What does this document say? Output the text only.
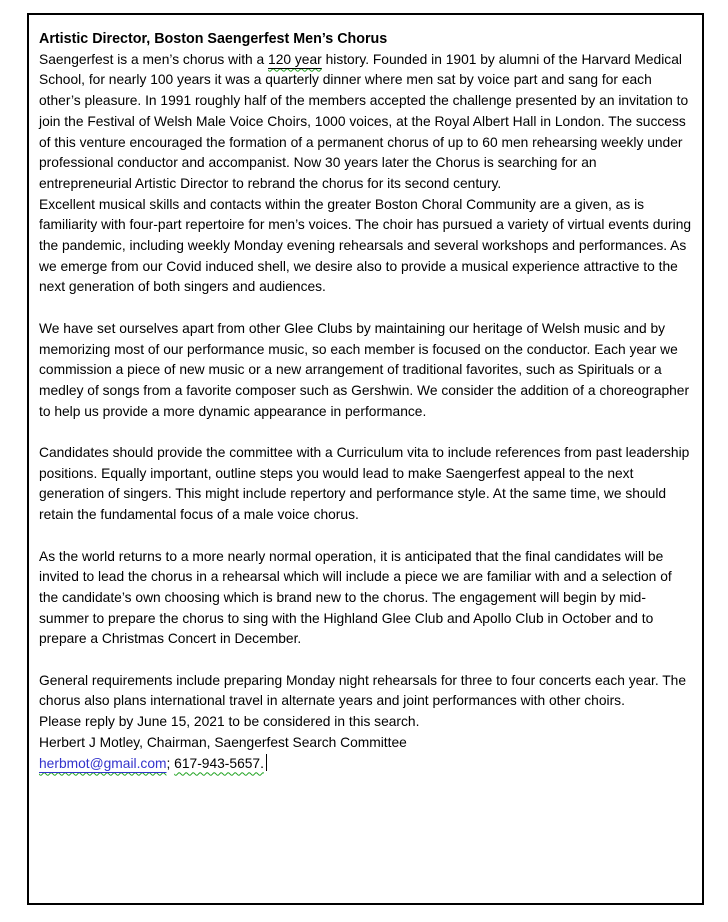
Artistic Director, Boston Saengerfest Men’s Chorus

Saengerfest is a men’s chorus with a 120 year history. Founded in 1901 by alumni of the Harvard Medical School, for nearly 100 years it was a quarterly dinner where men sat by voice part and sang for each other’s pleasure. In 1991 roughly half of the members accepted the challenge presented by an invitation to join the Festival of Welsh Male Voice Choirs, 1000 voices, at the Royal Albert Hall in London. The success of this venture encouraged the formation of a permanent chorus of up to 60 men rehearsing weekly under professional conductor and accompanist. Now 30 years later the Chorus is searching for an entrepreneurial Artistic Director to rebrand the chorus for its second century.

Excellent musical skills and contacts within the greater Boston Choral Community are a given, as is familiarity with four-part repertoire for men’s voices. The choir has pursued a variety of virtual events during the pandemic, including weekly Monday evening rehearsals and several workshops and performances. As we emerge from our Covid induced shell, we desire also to provide a musical experience attractive to the next generation of both singers and audiences.

We have set ourselves apart from other Glee Clubs by maintaining our heritage of Welsh music and by memorizing most of our performance music, so each member is focused on the conductor. Each year we commission a piece of new music or a new arrangement of traditional favorites, such as Spirituals or a medley of songs from a favorite composer such as Gershwin. We consider the addition of a choreographer to help us provide a more dynamic appearance in performance.

Candidates should provide the committee with a Curriculum vita to include references from past leadership positions. Equally important, outline steps you would lead to make Saengerfest appeal to the next generation of singers. This might include repertory and performance style. At the same time, we should retain the fundamental focus of a male voice chorus.

As the world returns to a more nearly normal operation, it is anticipated that the final candidates will be invited to lead the chorus in a rehearsal which will include a piece we are familiar with and a selection of the candidate’s own choosing which is brand new to the chorus. The engagement will begin by mid-summer to prepare the chorus to sing with the Highland Glee Club and Apollo Club in October and to prepare a Christmas Concert in December.

General requirements include preparing Monday night rehearsals for three to four concerts each year. The chorus also plans international travel in alternate years and joint performances with other choirs.

Please reply by June 15, 2021 to be considered in this search.

Herbert J Motley, Chairman, Saengerfest Search Committee

herbmot@gmail.com; 617-943-5657.
